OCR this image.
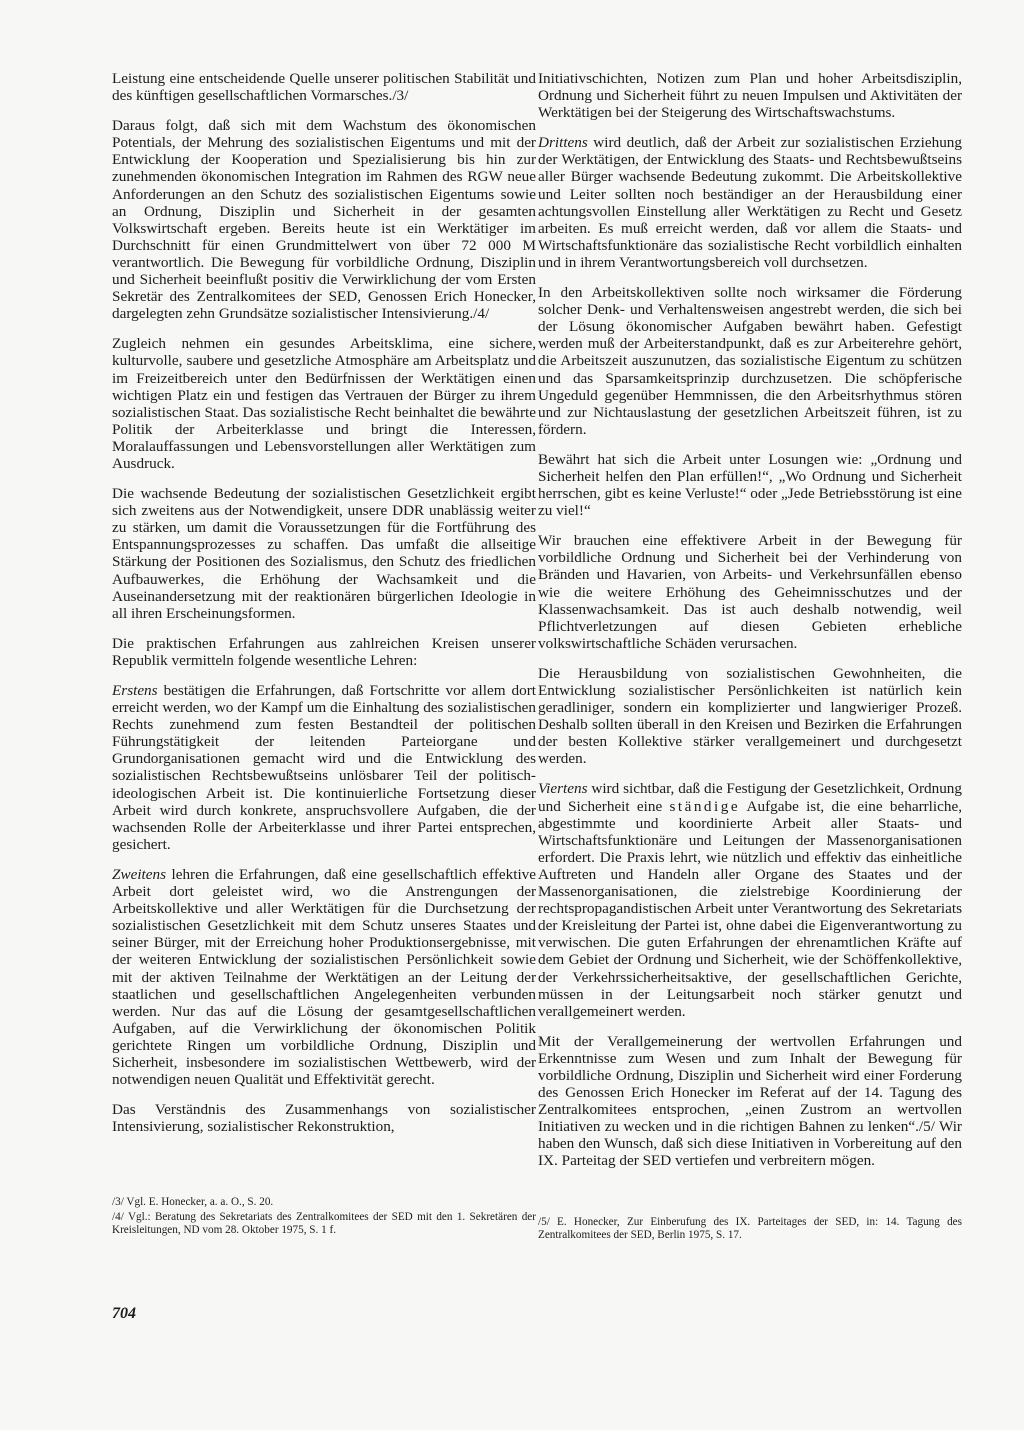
Leistung eine entscheidende Quelle unserer politischen Stabilität und des künftigen gesellschaftlichen Vormarsches./3/

Daraus folgt, daß sich mit dem Wachstum des ökonomischen Potentials, der Mehrung des sozialistischen Eigentums und mit der Entwicklung der Kooperation und Spezialisierung bis hin zur zunehmenden ökonomischen Integration im Rahmen des RGW neue Anforderungen an den Schutz des sozialistischen Eigentums sowie an Ordnung, Disziplin und Sicherheit in der gesamten Volkswirtschaft ergeben. Bereits heute ist ein Werktätiger im Durchschnitt für einen Grundmittelwert von über 72 000 M verantwortlich. Die Bewegung für vorbildliche Ordnung, Disziplin und Sicherheit beeinflußt positiv die Verwirklichung der vom Ersten Sekretär des Zentralkomitees der SED, Genossen Erich Honecker, dargelegten zehn Grundsätze sozialistischer Intensivierung./4/

Zugleich nehmen ein gesundes Arbeitsklima, eine sichere, kulturvolle, saubere und gesetzliche Atmosphäre am Arbeitsplatz und im Freizeitbereich unter den Bedürfnissen der Werktätigen einen wichtigen Platz ein und festigen das Vertrauen der Bürger zu ihrem sozialistischen Staat. Das sozialistische Recht beinhaltet die bewährte Politik der Arbeiterklasse und bringt die Interessen, Moralauffassungen und Lebensvorstellungen aller Werktätigen zum Ausdruck.

Die wachsende Bedeutung der sozialistischen Gesetzlichkeit ergibt sich zweitens aus der Notwendigkeit, unsere DDR unablässig weiter zu stärken, um damit die Voraussetzungen für die Fortführung des Entspannungsprozesses zu schaffen. Das umfaßt die allseitige Stärkung der Positionen des Sozialismus, den Schutz des friedlichen Aufbauwerkes, die Erhöhung der Wachsamkeit und die Auseinandersetzung mit der reaktionären bürgerlichen Ideologie in all ihren Erscheinungsformen.

Die praktischen Erfahrungen aus zahlreichen Kreisen unserer Republik vermitteln folgende wesentliche Lehren:

Erstens bestätigen die Erfahrungen, daß Fortschritte vor allem dort erreicht werden, wo der Kampf um die Einhaltung des sozialistischen Rechts zunehmend zum festen Bestandteil der politischen Führungstätigkeit der leitenden Parteiorgane und Grundorganisationen gemacht wird und die Entwicklung des sozialistischen Rechtsbewußtseins unlösbarer Teil der politisch-ideologischen Arbeit ist. Die kontinuierliche Fortsetzung dieser Arbeit wird durch konkrete, anspruchsvollere Aufgaben, die der wachsenden Rolle der Arbeiterklasse und ihrer Partei entsprechen, gesichert.

Zweitens lehren die Erfahrungen, daß eine gesellschaftlich effektive Arbeit dort geleistet wird, wo die Anstrengungen der Arbeitskollektive und aller Werktätigen für die Durchsetzung der sozialistischen Gesetzlichkeit mit dem Schutz unseres Staates und seiner Bürger, mit der Erreichung hoher Produktionsergebnisse, mit der weiteren Entwicklung der sozialistischen Persönlichkeit sowie mit der aktiven Teilnahme der Werktätigen an der Leitung der staatlichen und gesellschaftlichen Angelegenheiten verbunden werden. Nur das auf die Lösung der gesamtgesellschaftlichen Aufgaben, auf die Verwirklichung der ökonomischen Politik gerichtete Ringen um vorbildliche Ordnung, Disziplin und Sicherheit, insbesondere im sozialistischen Wettbewerb, wird der notwendigen neuen Qualität und Effektivität gerecht.

Das Verständnis des Zusammenhangs von sozialistischer Intensivierung, sozialistischer Rekonstruktion,

Initiativschichten, Notizen zum Plan und hoher Arbeitsdisziplin, Ordnung und Sicherheit führt zu neuen Impulsen und Aktivitäten der Werktätigen bei der Steigerung des Wirtschaftswachstums.

Drittens wird deutlich, daß der Arbeit zur sozialistischen Erziehung der Werktätigen, der Entwicklung des Staats- und Rechtsbewußtseins aller Bürger wachsende Bedeutung zukommt. Die Arbeitskollektive und Leiter sollten noch beständiger an der Herausbildung einer achtungsvollen Einstellung aller Werktätigen zu Recht und Gesetz arbeiten. Es muß erreicht werden, daß vor allem die Staats- und Wirtschaftsfunktionäre das sozialistische Recht vorbildlich einhalten und in ihrem Verantwortungsbereich voll durchsetzen.

In den Arbeitskollektiven sollte noch wirksamer die Förderung solcher Denk- und Verhaltensweisen angestrebt werden, die sich bei der Lösung ökonomischer Aufgaben bewährt haben. Gefestigt werden muß der Arbeiterstandpunkt, daß es zur Arbeiterehre gehört, die Arbeitszeit auszunutzen, das sozialistische Eigentum zu schützen und das Sparsamkeitsprinzip durchzusetzen. Die schöpferische Ungeduld gegenüber Hemmnissen, die den Arbeitsrhythmus stören und zur Nichtauslastung der gesetzlichen Arbeitszeit führen, ist zu fördern.

Bewährt hat sich die Arbeit unter Losungen wie: „Ordnung und Sicherheit helfen den Plan erfüllen!“, „Wo Ordnung und Sicherheit herrschen, gibt es keine Verluste!“ oder „Jede Betriebsstörung ist eine zu viel!“

Wir brauchen eine effektivere Arbeit in der Bewegung für vorbildliche Ordnung und Sicherheit bei der Verhinderung von Bränden und Havarien, von Arbeits- und Verkehrsunfällen ebenso wie die weitere Erhöhung des Geheimnisschutzes und der Klassenwachsamkeit. Das ist auch deshalb notwendig, weil Pflichtverletzungen auf diesen Gebieten erhebliche volkswirtschaftliche Schäden verursachen.

Die Herausbildung von sozialistischen Gewohnheiten, die Entwicklung sozialistischer Persönlichkeiten ist natürlich kein geradliniger, sondern ein komplizierter und langwieriger Prozeß. Deshalb sollten überall in den Kreisen und Bezirken die Erfahrungen der besten Kollektive stärker verallgemeinert und durchgesetzt werden.

Viertens wird sichtbar, daß die Festigung der Gesetzlichkeit, Ordnung und Sicherheit eine ständige Aufgabe ist, die eine beharrliche, abgestimmte und koordinierte Arbeit aller Staats- und Wirtschaftsfunktionäre und Leitungen der Massenorganisationen erfordert. Die Praxis lehrt, wie nützlich und effektiv das einheitliche Auftreten und Handeln aller Organe des Staates und der Massenorganisationen, die zielstrebige Koordinierung der rechtspropagandistischen Arbeit unter Verantwortung des Sekretariats der Kreisleitung der Partei ist, ohne dabei die Eigenverantwortung zu verwischen. Die guten Erfahrungen der ehrenamtlichen Kräfte auf dem Gebiet der Ordnung und Sicherheit, wie der Schöffenkollektive, der Verkehrssicherheitsaktive, der gesellschaftlichen Gerichte, müssen in der Leitungsarbeit noch stärker genutzt und verallgemeinert werden.

Mit der Verallgemeinerung der wertvollen Erfahrungen und Erkenntnisse zum Wesen und zum Inhalt der Bewegung für vorbildliche Ordnung, Disziplin und Sicherheit wird einer Forderung des Genossen Erich Honecker im Referat auf der 14. Tagung des Zentralkomitees entsprochen, „einen Zustrom an wertvollen Initiativen zu wecken und in die richtigen Bahnen zu lenken“./5/ Wir haben den Wunsch, daß sich diese Initiativen in Vorbereitung auf den IX. Parteitag der SED vertiefen und verbreitern mögen.

/3/ Vgl. E. Honecker, a. a. O., S. 20.

/4/ Vgl.: Beratung des Sekretariats des Zentralkomitees der SED mit den 1. Sekretären der Kreisleitungen, ND vom 28. Oktober 1975, S. 1 f.

/5/ E. Honecker, Zur Einberufung des IX. Parteitages der SED, in: 14. Tagung des Zentralkomitees der SED, Berlin 1975, S. 17.

704
